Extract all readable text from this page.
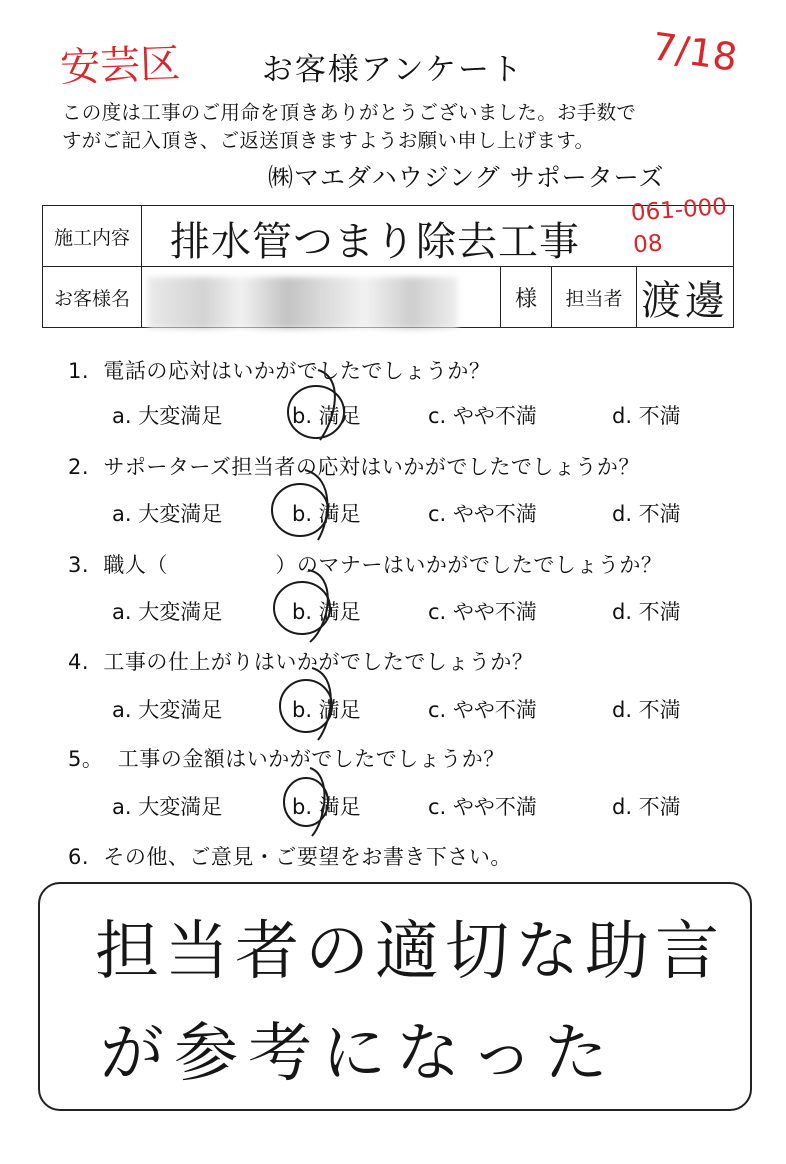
安芸区	7/18
お客様アンケート
この度は工事のご用命を頂きありがとうございました。お手数で
すがご記入頂き、ご返送頂きますようお願い申し上げます。
㈱マエダハウジング サポーターズ
施工内容	排水管つまり除去工事
061-00008			

お客様名		様	担当者	渡邊
1. 電話の応対はいかがでしたでしょうか？
2. サポーターズ担当者の応対はいかがでしたでしょうか？
3. 職人（　　　　　）のマナーはいかがでしたでしょうか？
4. 工事の仕上がりはいかがでしたでしょうか？
5。 工事の金額はいかがでしたでしょうか？
6. その他、ご意見・ご要望をお書き下さい。
a. 大変満足	b. 満足	c. やや不満	d. 不満
a. 大変満足	b. 満足	c. やや不満	d. 不満
a. 大変満足	b. 満足	c. やや不満	d. 不満
a. 大変満足	b. 満足	c. やや不満	d. 不満
a. 大変満足	b. 満足	c. やや不満	d. 不満
担当者の適切な助言
が参考になった
